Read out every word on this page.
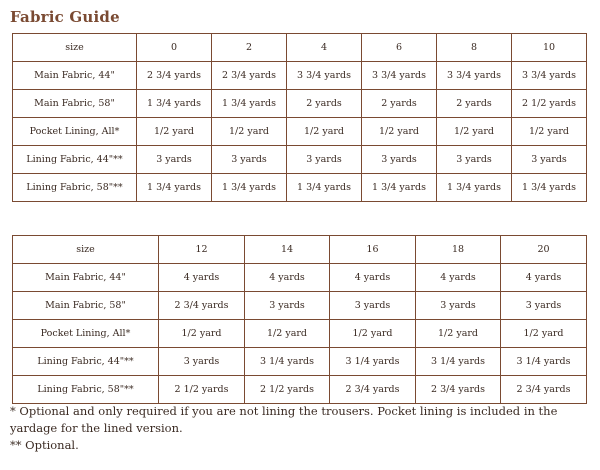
Fabric Guide
size	0	2	4	6	8	10
Main Fabric, 44"	2 3/4 yards	2 3/4 yards	3 3/4 yards	3 3/4 yards	3 3/4 yards	3 3/4 yards
Main Fabric, 58"	1 3/4 yards	1 3/4 yards	2 yards	2 yards	2 yards	2 1/2 yards
Pocket Lining, All*	1/2 yard	1/2 yard	1/2 yard	1/2 yard	1/2 yard	1/2 yard
Lining Fabric, 44"**	3 yards	3 yards	3 yards	3 yards	3 yards	3 yards
Lining Fabric, 58"**	1 3/4 yards	1 3/4 yards	1 3/4 yards	1 3/4 yards	1 3/4 yards	1 3/4 yards
size	12	14	16	18	20
Main Fabric, 44"	4 yards	4 yards	4 yards	4 yards	4 yards
Main Fabric, 58"	2 3/4 yards	3 yards	3 yards	3 yards	3 yards
Pocket Lining, All*	1/2 yard	1/2 yard	1/2 yard	1/2 yard	1/2 yard
Lining Fabric, 44"**	3 yards	3 1/4 yards	3 1/4 yards	3 1/4 yards	3 1/4 yards
Lining Fabric, 58"**	2 1/2 yards	2 1/2 yards	2 3/4 yards	2 3/4 yards	2 3/4 yards

* Optional and only required if you are not lining the trousers. Pocket lining is included in the yardage for the lined version.

** Optional.
